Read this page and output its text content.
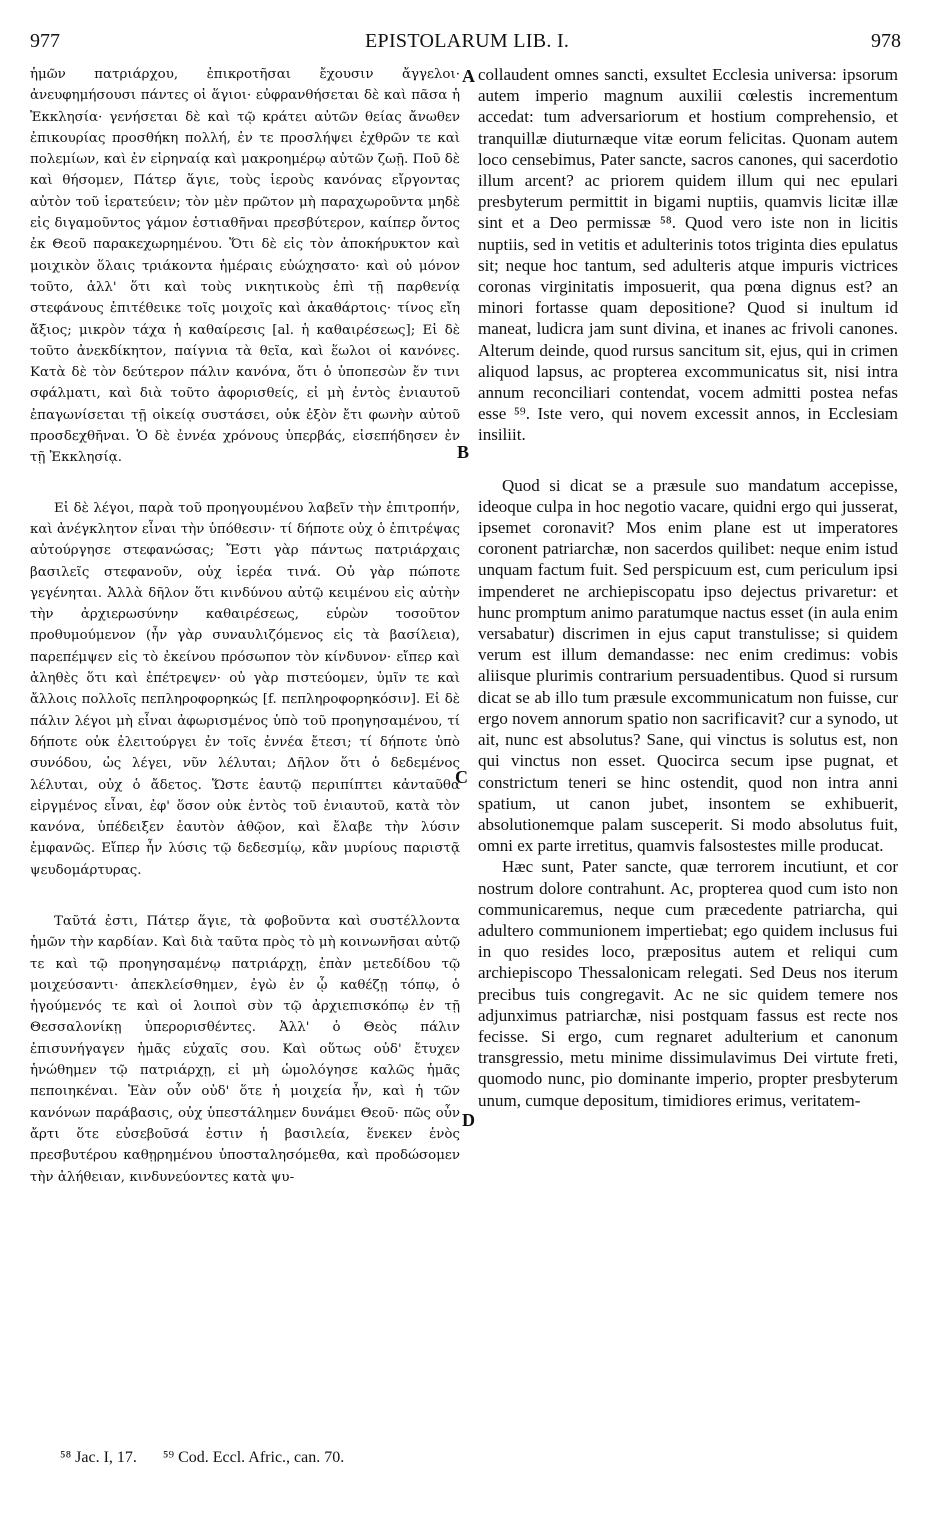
977	EPISTOLARUM LIB. I.	978

ἡμῶν πατριάρχου, ἐπικροτῆσαι ἔχουσιν ἄγγελοι· ἀνευφημήσουσι πάντες οἱ ἅγιοι· εὐφρανθήσεται δὲ καὶ πᾶσα ἡ Ἐκκλησία· γενήσεται δὲ καὶ τῷ κράτει αὐτῶν θείας ἄνωθεν ἐπικουρίας προσθήκη πολλή, ἐν τε προσλήψει ἐχθρῶν τε καὶ πολεμίων, καὶ ἐν εἰρηναίᾳ καὶ μακροημέρῳ αὐτῶν ζωῇ. Ποῦ δὲ καὶ θήσομεν, Πάτερ ἅγιε, τοὺς ἱεροὺς κανόνας εἴργοντας αὐτὸν τοῦ ἱερατεύειν; τὸν μὲν πρῶτον μὴ παραχωροῦντα μηδὲ εἰς διγαμοῦντος γάμον ἑστιαθῆναι πρεσβύτερον, καίπερ ὄντος ἐκ Θεοῦ παρακεχωρημένου. Ὅτι δὲ εἰς τὸν ἀποκήρυκτον καὶ μοιχικὸν ὅλαις τριάκοντα ἡμέραις εὐώχησατο· καὶ οὐ μόνον τοῦτο, ἀλλ' ὅτι καὶ τοὺς νικητικοὺς ἐπὶ τῇ παρθενίᾳ στεφάνους ἐπιτέθεικε τοῖς μοιχοῖς καὶ ἀκαθάρτοις· τίνος εἴη ἄξιος; μικρὸν τάχα ἡ καθαίρεσις [al. ἡ καθαιρέσεως]; Εἰ δὲ τοῦτο ἀνεκδίκητον, παίγνια τὰ θεῖα, καὶ ἕωλοι οἱ κανόνες. Κατὰ δὲ τὸν δεύτερον πάλιν κανόνα, ὅτι ὁ ὑποπεσὼν ἔν τινι σφάλματι, καὶ διὰ τοῦτο ἀφορισθείς, εἰ μὴ ἐντὸς ἐνιαυτοῦ ἐπαγωνίσεται τῇ οἰκείᾳ συστάσει, οὐκ ἐξὸν ἔτι φωνὴν αὐτοῦ προσδεχθῆναι. Ὁ δὲ ἐννέα χρόνους ὑπερβάς, εἰσεπήδησεν ἐν τῇ Ἐκκλησίᾳ.

Εἰ δὲ λέγοι, παρὰ τοῦ προηγουμένου λαβεῖν τὴν ἐπιτροπήν, καὶ ἀνέγκλητον εἶναι τὴν ὑπόθεσιν· τί δήποτε οὐχ ὁ ἐπιτρέψας αὐτούργησε στεφανώσας; Ἔστι γὰρ πάντως πατριάρχαις βασιλεῖς στεφανοῦν, οὐχ ἱερέα τινά. Οὐ γὰρ πώποτε γεγένηται. Ἀλλὰ δῆλον ὅτι κινδύνου αὐτῷ κειμένου εἰς αὐτὴν τὴν ἀρχιερωσύνην καθαιρέσεως, εὑρὼν τοσοῦτον προθυμούμενον (ἦν γὰρ συναυλιζόμενος εἰς τὰ βασίλεια), παρεπέμψεν εἰς τὸ ἐκείνου πρόσωπον τὸν κίνδυνον· εἴπερ καὶ ἀληθὲς ὅτι καὶ ἐπέτρεψεν· οὐ γὰρ πιστεύομεν, ὑμῖν τε καὶ ἄλλοις πολλοῖς πεπληροφορηκώς [f. πεπληροφορηκόσιν]. Εἰ δὲ πάλιν λέγοι μὴ εἶναι ἀφωρισμένος ὑπὸ τοῦ προηγησαμένου, τί δήποτε οὐκ ἐλειτούργει ἐν τοῖς ἐννέα ἔτεσι; τί δήποτε ὑπὸ συνόδου, ὡς λέγει, νῦν λέλυται; Δῆλον ὅτι ὁ δεδεμένος λέλυται, οὐχ ὁ ἄδετος. Ὥστε ἑαυτῷ περιπίπτει κἀνταῦθα εἰργμένος εἶναι, ἐφ' ὅσον οὐκ ἐντὸς τοῦ ἐνιαυτοῦ, κατὰ τὸν κανόνα, ὑπέδειξεν ἑαυτὸν ἀθῷον, καὶ ἔλαβε τὴν λύσιν ἐμφανῶς. Εἴπερ ἦν λύσις τῷ δεδεσμίῳ, κἂν μυρίους παριστᾷ ψευδομάρτυρας.

Ταῦτά ἐστι, Πάτερ ἅγιε, τὰ φοβοῦντα καὶ συστέλλοντα ἡμῶν τὴν καρδίαν. Καὶ διὰ ταῦτα πρὸς τὸ μὴ κοινωνῆσαι αὐτῷ τε καὶ τῷ προηγησαμένῳ πατριάρχῃ, ἐπὰν μετεδίδου τῷ μοιχεύσαντι· ἀπεκλείσθημεν, ἐγὼ ἐν ᾧ καθέζῃ τόπῳ, ὁ ἡγούμενός τε καὶ οἱ λοιποὶ σὺν τῷ ἀρχιεπισκόπῳ ἐν τῇ Θεσσαλονίκῃ ὑπερορισθέντες. Ἀλλ' ὁ Θεὸς πάλιν ἐπισυνήγαγεν ἡμᾶς εὐχαῖς σου. Καὶ οὕτως οὐδ' ἔτυχεν ἡνώθημεν τῷ πατριάρχῃ, εἰ μὴ ὡμολόγησε καλῶς ἡμᾶς πεποιηκέναι. Ἐὰν οὖν οὐδ' ὅτε ἡ μοιχεία ἦν, καὶ ἡ τῶν κανόνων παράβασις, οὐχ ὑπεστάλημεν δυνάμει Θεοῦ· πῶς οὖν ἄρτι ὅτε εὐσεβοῦσά ἐστιν ἡ βασιλεία, ἕνεκεν ἑνὸς πρεσβυτέρου καθῃρημένου ὑποσταλησόμεθα, καὶ προδώσομεν τὴν ἀλήθειαν, κινδυνεύοντες κατὰ ψυ-

collaudent omnes sancti, exsultet Ecclesia universa: ipsorum autem imperio magnum auxilii cœlestis incrementum accedat: tum adversariorum et hostium comprehensio, et tranquillæ diuturnæque vitæ eorum felicitas. Quonam autem loco censebimus, Pater sancte, sacros canones, qui sacerdotio illum arcent? ac priorem quidem illum qui nec epulari presbyterum permittit in bigami nuptiis, quamvis licitæ illæ sint et a Deo permissæ ⁵⁸. Quod vero iste non in licitis nuptiis, sed in vetitis et adulterinis totos triginta dies epulatus sit; neque hoc tantum, sed adulteris atque impuris victrices coronas virginitatis imposuerit, qua pœna dignus est? an minori fortasse quam depositione? Quod si inultum id maneat, ludicra jam sunt divina, et inanes ac frivoli canones. Alterum deinde, quod rursus sancitum sit, ejus, qui in crimen aliquod lapsus, ac propterea excommunicatus sit, nisi intra annum reconciliari contendat, vocem admitti postea nefas esse ⁵⁹. Iste vero, qui novem excessit annos, in Ecclesiam insiliit.

Quod si dicat se a præsule suo mandatum accepisse, ideoque culpa in hoc negotio vacare, quidni ergo qui jusserat, ipsemet coronavit? Mos enim plane est ut imperatores coronent patriarchæ, non sacerdos quilibet: neque enim istud unquam factum fuit. Sed perspicuum est, cum periculum ipsi impenderet ne archiepiscopatu ipso dejectus privaretur: et hunc promptum animo paratumque nactus esset (in aula enim versabatur) discrimen in ejus caput transtulisse; si quidem verum est illum demandasse: nec enim credimus: vobis aliisque plurimis contrarium persuadentibus. Quod si rursum dicat se ab illo tum præsule excommunicatum non fuisse, cur ergo novem annorum spatio non sacrificavit? cur a synodo, ut ait, nunc est absolutus? Sane, qui vinctus is solutus est, non qui vinctus non esset. Quocirca secum ipse pugnat, et constrictum teneri se hinc ostendit, quod non intra anni spatium, ut canon jubet, insontem se exhibuerit, absolutionemque palam susceperit. Si modo absolutus fuit, omni ex parte irretitus, quamvis falsostestes mille producat.

Hæc sunt, Pater sancte, quæ terrorem incutiunt, et cor nostrum dolore contrahunt. Ac, propterea quod cum isto non communicaremus, neque cum præcedente patriarcha, qui adultero communionem impertiebat; ego quidem inclusus fui in quo resides loco, præpositus autem et reliqui cum archiepiscopo Thessalonicam relegati. Sed Deus nos iterum precibus tuis congregavit. Ac ne sic quidem temere nos adjunximus patriarchæ, nisi postquam fassus est recte nos fecisse. Si ergo, cum regnaret adulterium et canonum transgressio, metu minime dissimulavimus Dei virtute freti, quomodo nunc, pio dominante imperio, propter presbyterum unum, cumque depositum, timidiores erimus, veritatem-

A
B
C
D
⁵⁸ Jac. I, 17. ⁵⁹ Cod. Eccl. Afric., can. 70.
